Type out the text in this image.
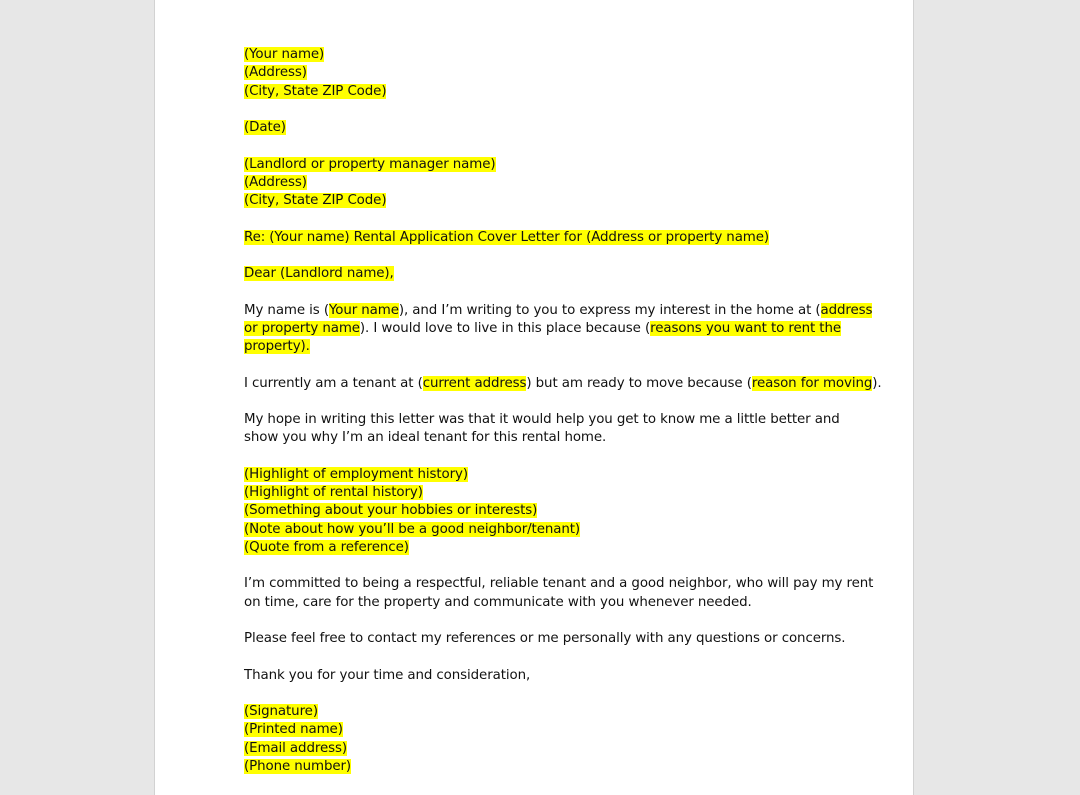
(Your name)
(Address)
(City, State ZIP Code)
(Date)
(Landlord or property manager name)
(Address)
(City, State ZIP Code)
Re: (Your name) Rental Application Cover Letter for (Address or property name)
Dear (Landlord name),
My name is (Your name), and I’m writing to you to express my interest in the home at (address
or property name). I would love to live in this place because (reasons you want to rent the
property).
I currently am a tenant at (current address) but am ready to move because (reason for moving).
My hope in writing this letter was that it would help you get to know me a little better and
show you why I’m an ideal tenant for this rental home.
(Highlight of employment history)
(Highlight of rental history)
(Something about your hobbies or interests)
(Note about how you’ll be a good neighbor/tenant)
(Quote from a reference)
I’m committed to being a respectful, reliable tenant and a good neighbor, who will pay my rent
on time, care for the property and communicate with you whenever needed.
Please feel free to contact my references or me personally with any questions or concerns.
Thank you for your time and consideration,
(Signature)
(Printed name)
(Email address)
(Phone number)
